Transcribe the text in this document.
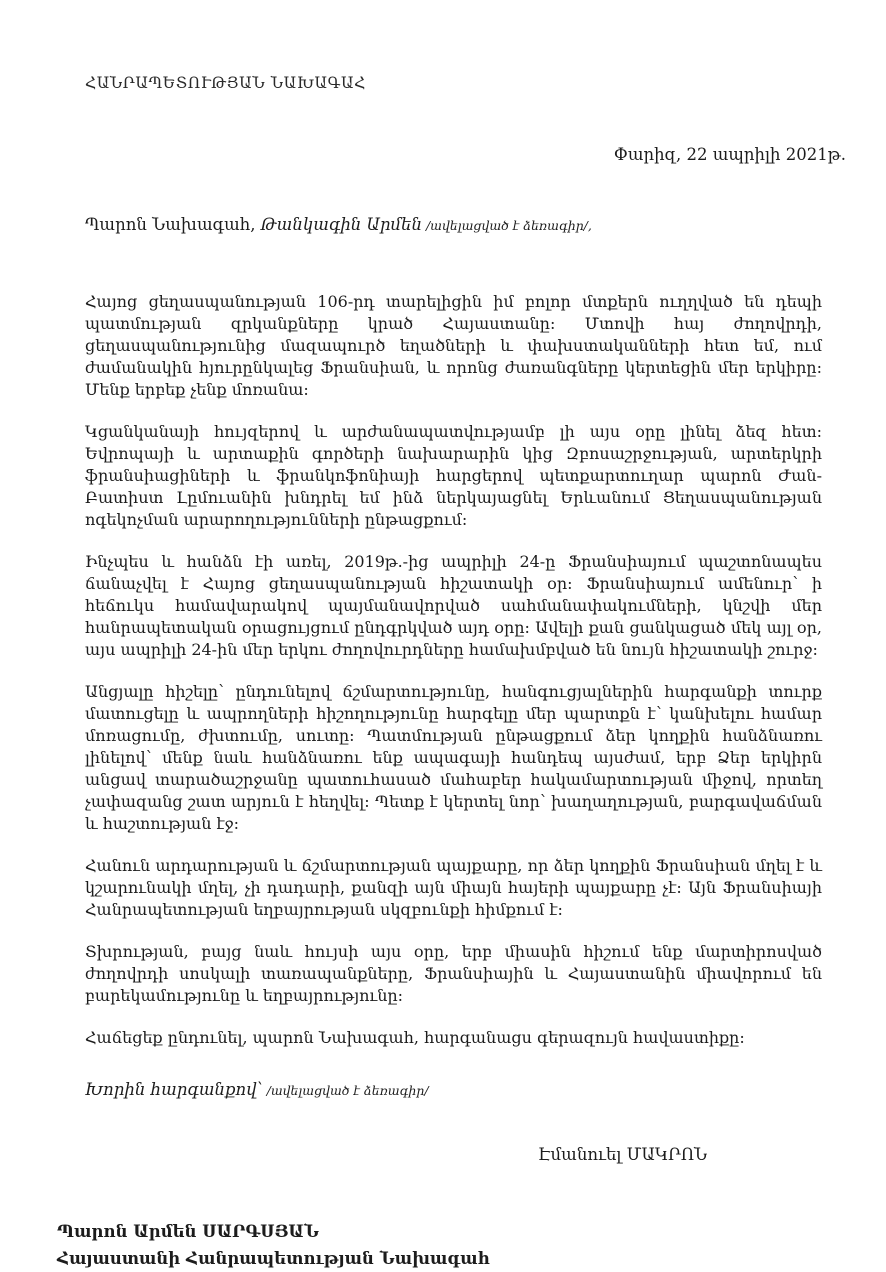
ՀԱՆՐԱՊԵՏՈՒԹՅԱՆ ՆԱԽԱԳԱՀ
Փարիզ, 22 ապրիլի 2021թ.
Պարոն Նախագահ, Թանկագին Արմեն /ավելացված է ձեռագիր/,

Հայոց ցեղասպանության 106-րդ տարելիցին իմ բոլոր մտքերն ուղղված են դեպի պատմության զրկանքները կրած Հայաստանը։ Մտովի հայ ժողովրդի, ցեղասպանությունից մազապուրծ եղածների և փախստականների հետ եմ, ում ժամանակին հյուրընկալեց Ֆրանսիան, և որոնց ժառանգները կերտեցին մեր երկիրը։ Մենք երբեք չենք մոռանա։

Կցանկանայի հույզերով և արժանապատվությամբ լի այս օրը լինել ձեզ հետ։ Եվրոպայի և արտաքին գործերի նախարարին կից Զբոսաշրջության, արտերկրի ֆրանսիացիների և ֆրանկոֆոնիայի հարցերով պետքարտուղար պարոն Ժան-Բատիստ Լըմուանին խնդրել եմ ինձ ներկայացնել Երևանում Ցեղասպանության ոգեկոչման արարողությունների ընթացքում։

Ինչպես և հանձն էի առել, 2019թ.-ից ապրիլի 24-ը Ֆրանսիայում պաշտոնապես ճանաչվել է Հայոց ցեղասպանության հիշատակի օր։ Ֆրանսիայում ամենուր՝ ի հեճուկս համավարակով պայմանավորված սահմանափակումների, կնշվի մեր հանրապետական օրացույցում ընդգրկված այդ օրը։ Ավելի քան ցանկացած մեկ այլ օր, այս ապրիլի 24-ին մեր երկու ժողովուրդները համախմբված են նույն հիշատակի շուրջ։

Անցյալը հիշելը՝ ընդունելով ճշմարտությունը, հանգուցյալներին հարգանքի տուրք մատուցելը և ապրողների հիշողությունը հարգելը մեր պարտքն է՝ կանխելու համար մոռացումը, ժխտումը, սուտը։ Պատմության ընթացքում ձեր կողքին հանձնառու լինելով՝ մենք նաև հանձնառու ենք ապագայի հանդեպ այսժամ, երբ Ձեր երկիրն անցավ տարածաշրջանը պատուհասած մահաբեր հակամարտության միջով, որտեղ չափազանց շատ արյուն է հեղվել։ Պետք է կերտել նոր՝ խաղաղության, բարգավաճման և հաշտության էջ։

Հանուն արդարության և ճշմարտության պայքարը, որ ձեր կողքին Ֆրանսիան մղել է և կշարունակի մղել, չի դադարի, քանզի այն միայն հայերի պայքարը չէ։ Այն Ֆրանսիայի Հանրապետության եղբայրության սկզբունքի հիմքում է։

Տխրության, բայց նաև հույսի այս օրը, երբ միասին հիշում ենք մարտիրոսված ժողովրդի սոսկալի տառապանքները, Ֆրանսիային և Հայաստանին միավորում են բարեկամությունը և եղբայրությունը։

Հաճեցեք ընդունել, պարոն Նախագահ, հարգանացս գերազույն հավաստիքը։

Խորին հարգանքով՝ /ավելացված է ձեռագիր/
Էմանուել ՄԱԿՐՈՆ
Պարոն Արմեն ՍԱՐԳՍՅԱՆ
Հայաստանի Հանրապետության Նախագահ
